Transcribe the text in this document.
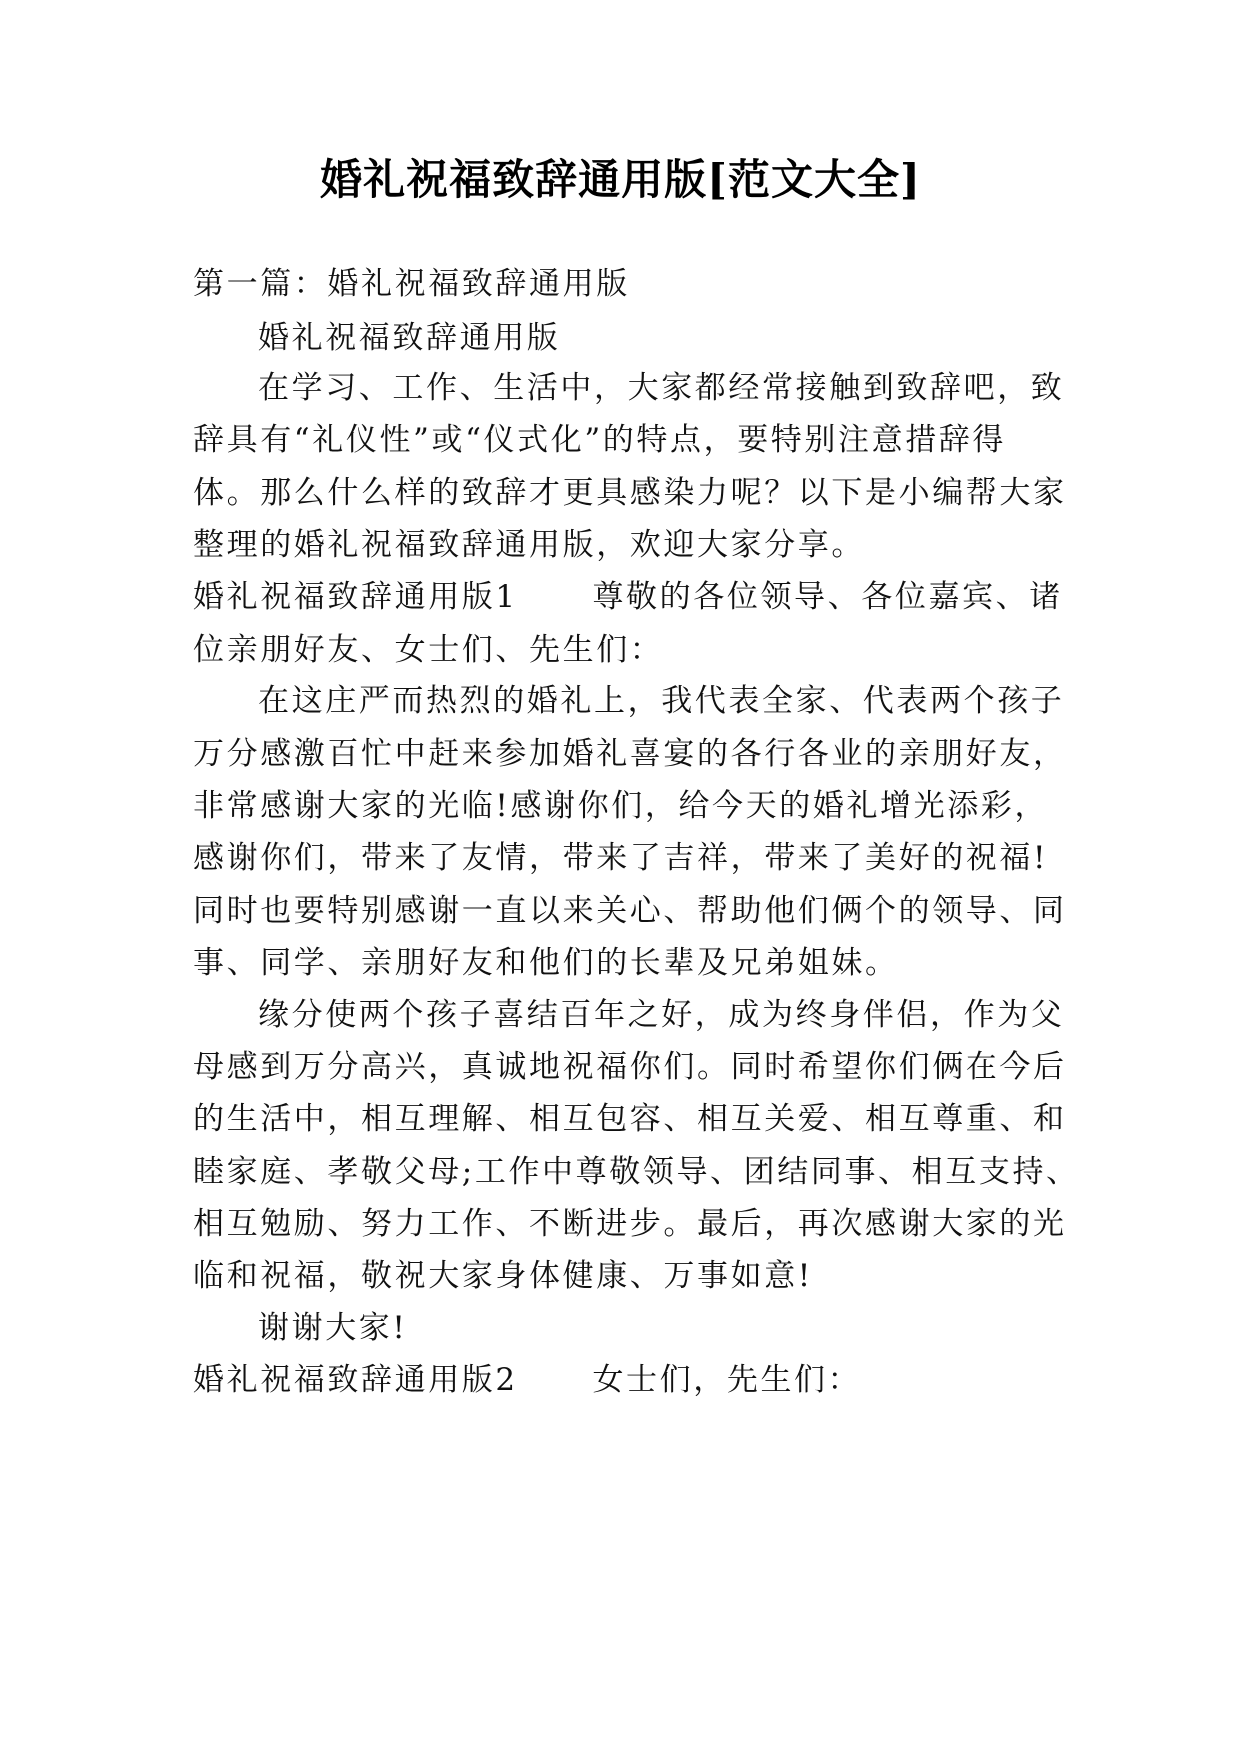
婚礼祝福致辞通用版[范文大全]
第一篇：婚礼祝福致辞通用版
婚礼祝福致辞通用版
在学习、工作、生活中，大家都经常接触到致辞吧，致
辞具有“礼仪性”或“仪式化”的特点，要特别注意措辞得
体。那么什么样的致辞才更具感染力呢？以下是小编帮大家
整理的婚礼祝福致辞通用版，欢迎大家分享。
婚礼祝福致辞通用版1      尊敬的各位领导、各位嘉宾、诸
位亲朋好友、女士们、先生们：
在这庄严而热烈的婚礼上，我代表全家、代表两个孩子
万分感激百忙中赶来参加婚礼喜宴的各行各业的亲朋好友，
非常感谢大家的光临!感谢你们，给今天的婚礼增光添彩，
感谢你们，带来了友情，带来了吉祥，带来了美好的祝福!
同时也要特别感谢一直以来关心、帮助他们俩个的领导、同
事、同学、亲朋好友和他们的长辈及兄弟姐妹。
缘分使两个孩子喜结百年之好，成为终身伴侣，作为父
母感到万分高兴，真诚地祝福你们。同时希望你们俩在今后
的生活中，相互理解、相互包容、相互关爱、相互尊重、和
睦家庭、孝敬父母;工作中尊敬领导、团结同事、相互支持、
相互勉励、努力工作、不断进步。最后，再次感谢大家的光
临和祝福，敬祝大家身体健康、万事如意!
谢谢大家!
婚礼祝福致辞通用版2      女士们，先生们：
